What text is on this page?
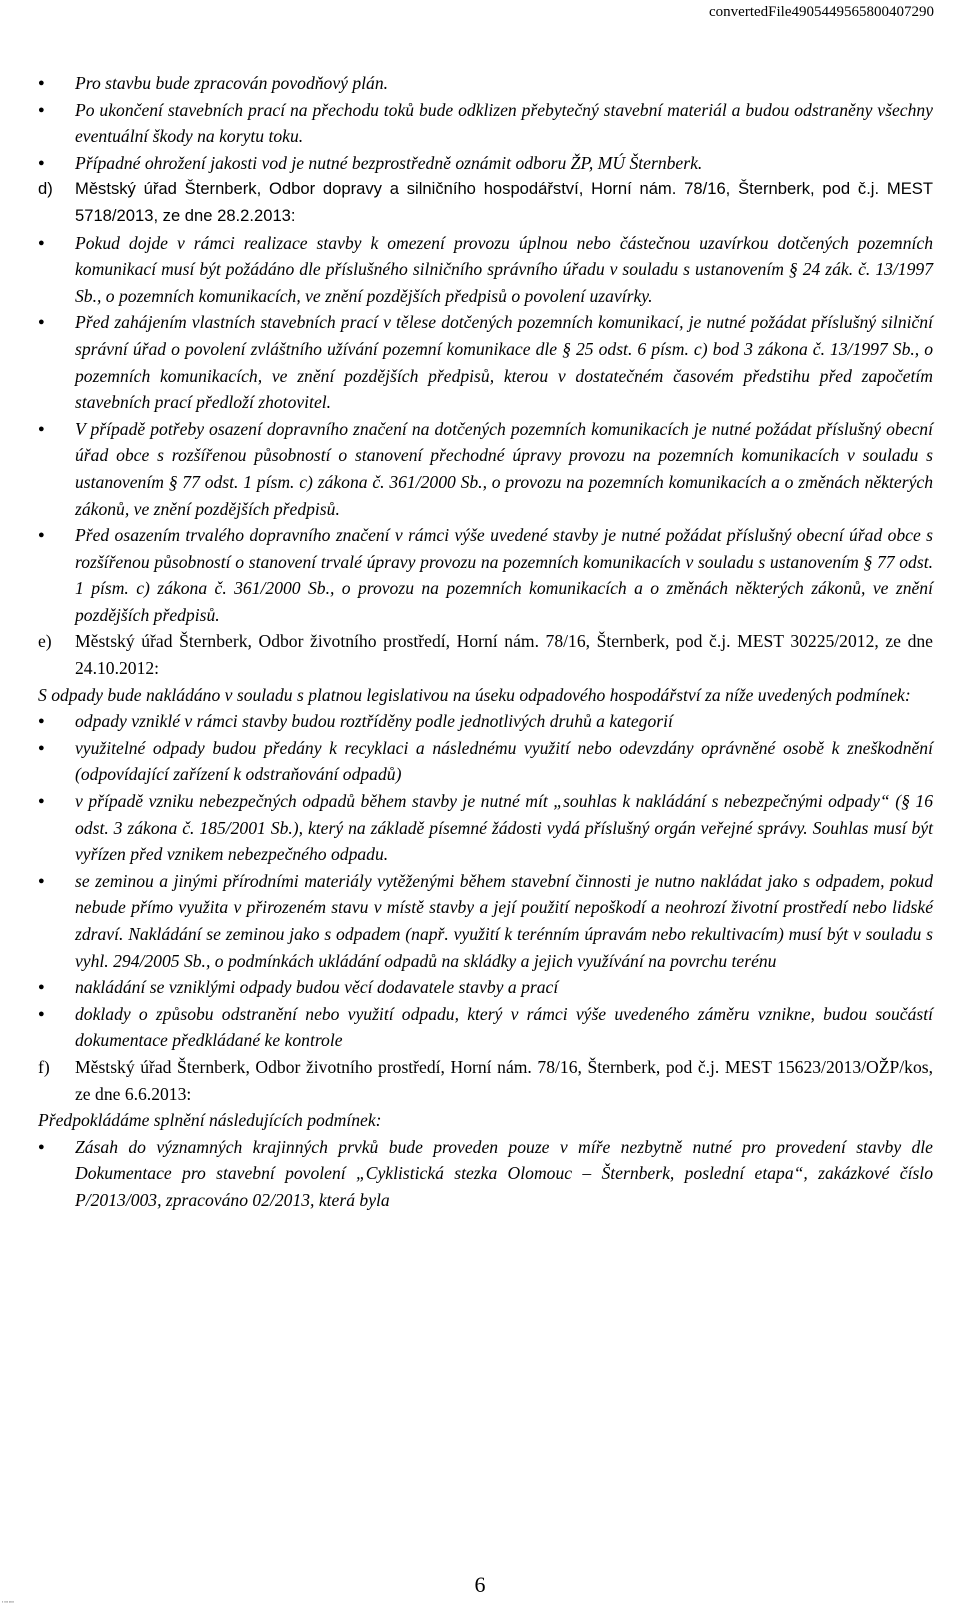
convertedFile4905449565800407290
● Pro stavbu bude zpracován povodňový plán.
● Po ukončení stavebních prací na přechodu toků bude odklizen přebytečný stavební materiál a budou odstraněny všechny eventuální škody na korytu toku.
● Případné ohrožení jakosti vod je nutné bezprostředně oznámit odboru ŽP, MÚ Šternberk.
d) Městský úřad Šternberk, Odbor dopravy a silničního hospodářství, Horní nám. 78/16, Šternberk, pod č.j. MEST 5718/2013, ze dne 28.2.2013:
● Pokud dojde v rámci realizace stavby k omezení provozu úplnou nebo částečnou uzavírkou dotčených pozemních komunikací musí být požádáno dle příslušného silničního správního úřadu v souladu s ustanovením § 24 zák. č. 13/1997 Sb., o pozemních komunikacích, ve znění pozdějších předpisů o povolení uzavírky.
● Před zahájením vlastních stavebních prací v tělese dotčených pozemních komunikací, je nutné požádat příslušný silniční správní úřad o povolení zvláštního užívání pozemní komunikace dle § 25 odst. 6 písm. c) bod 3 zákona č. 13/1997 Sb., o pozemních komunikacích, ve znění pozdějších předpisů, kterou v dostatečném časovém předstihu před započetím stavebních prací předloží zhotovitel.
● V případě potřeby osazení dopravního značení na dotčených pozemních komunikacích je nutné požádat příslušný obecní úřad obce s rozšířenou působností o stanovení přechodné úpravy provozu na pozemních komunikacích v souladu s ustanovením § 77 odst. 1 písm. c) zákona č. 361/2000 Sb., o provozu na pozemních komunikacích a o změnách některých zákonů, ve znění pozdějších předpisů.
● Před osazením trvalého dopravního značení v rámci výše uvedené stavby je nutné požádat příslušný obecní úřad obce s rozšířenou působností o stanovení trvalé úpravy provozu na pozemních komunikacích v souladu s ustanovením § 77 odst. 1 písm. c) zákona č. 361/2000 Sb., o provozu na pozemních komunikacích a o změnách některých zákonů, ve znění pozdějších předpisů.
e) Městský úřad Šternberk, Odbor životního prostředí, Horní nám. 78/16, Šternberk, pod č.j. MEST 30225/2012, ze dne 24.10.2012:
S odpady bude nakládáno v souladu s platnou legislativou na úseku odpadového hospodářství za níže uvedených podmínek:
● odpady vzniklé v rámci stavby budou roztříděny podle jednotlivých druhů a kategorií
● využitelné odpady budou předány k recyklaci a následnému využití nebo odevzdány oprávněné osobě k zneškodnění (odpovídající zařízení k odstraňování odpadů)
● v případě vzniku nebezpečných odpadů během stavby je nutné mít „souhlas k nakládání s nebezpečnými odpady“ (§ 16 odst. 3 zákona č. 185/2001 Sb.), který na základě písemné žádosti vydá příslušný orgán veřejné správy. Souhlas musí být vyřízen před vznikem nebezpečného odpadu.
● se zeminou a jinými přírodními materiály vytěženými během stavební činnosti je nutno nakládat jako s odpadem, pokud nebude přímo využita v přirozeném stavu v místě stavby a její použití nepoškodí a neohrozí životní prostředí nebo lidské zdraví. Nakládání se zeminou jako s odpadem (např. využití k terénním úpravám nebo rekultivacím) musí být v souladu s vyhl. 294/2005 Sb., o podmínkách ukládání odpadů na skládky a jejich využívání na povrchu terénu
● nakládání se vzniklými odpady budou věcí dodavatele stavby a prací
● doklady o způsobu odstranění nebo využití odpadu, který v rámci výše uvedeného záměru vznikne, budou součástí dokumentace předkládané ke kontrole
f) Městský úřad Šternberk, Odbor životního prostředí, Horní nám. 78/16, Šternberk, pod č.j. MEST 15623/2013/OŽP/kos, ze dne 6.6.2013:
Předpokládáme splnění následujících podmínek:
● Zásah do významných krajinných prvků bude proveden pouze v míře nezbytně nutné pro provedení stavby dle Dokumentace pro stavební povolení „Cyklistická stezka Olomouc – Šternberk, poslední etapa“, zakázkové číslo P/2013/003, zpracováno 02/2013, která byla
▪ ▪▪▪ ▪▪▪▪
6
